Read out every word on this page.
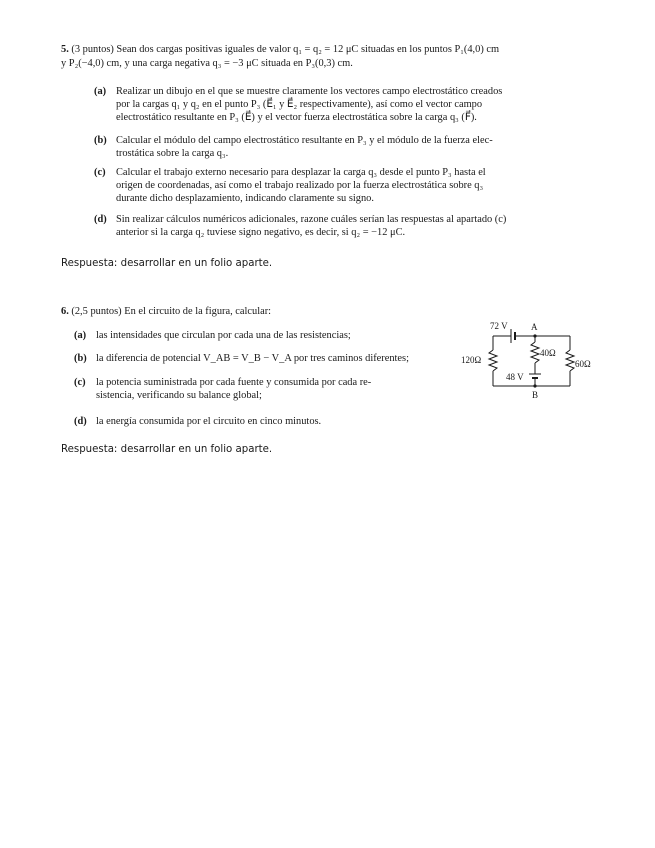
5. (3 puntos) Sean dos cargas positivas iguales de valor q₁ = q₂ = 12 μC situadas en los puntos P₁(4,0) cm
y P₂(−4,0) cm, y una carga negativa q₃ = −3 μC situada en P₃(0,3) cm.
(a) Realizar un dibujo en el que se muestre claramente los vectores campo electrostático creados
por la cargas q₁ y q₂ en el punto P₃ (E⃗₁ y E⃗₂ respectivamente), así como el vector campo
electrostático resultante en P₃ (E⃗) y el vector fuerza electrostática sobre la carga q₃ (F⃗).
(b) Calcular el módulo del campo electrostático resultante en P₃ y el módulo de la fuerza elec-
trostática sobre la carga q₃.
(c) Calcular el trabajo externo necesario para desplazar la carga q₃ desde el punto P₃ hasta el
origen de coordenadas, así como el trabajo realizado por la fuerza electrostática sobre q₃
durante dicho desplazamiento, indicando claramente su signo.
(d) Sin realizar cálculos numéricos adicionales, razone cuáles serían las respuestas al apartado (c)
anterior si la carga q₂ tuviese signo negativo, es decir, si q₂ = −12 μC.
Respuesta: desarrollar en un folio aparte.
6. (2,5 puntos) En el circuito de la figura, calcular:
(a) las intensidades que circulan por cada una de las resistencias;
(b) la diferencia de potencial V_AB = V_B − V_A por tres caminos diferentes;
(c) la potencia suministrada por cada fuente y consumida por cada re-
sistencia, verificando su balance global;
(d) la energía consumida por el circuito en cinco minutos.
Respuesta: desarrollar en un folio aparte.
72 V	A
40Ω
120Ω	60Ω
48 V
B
